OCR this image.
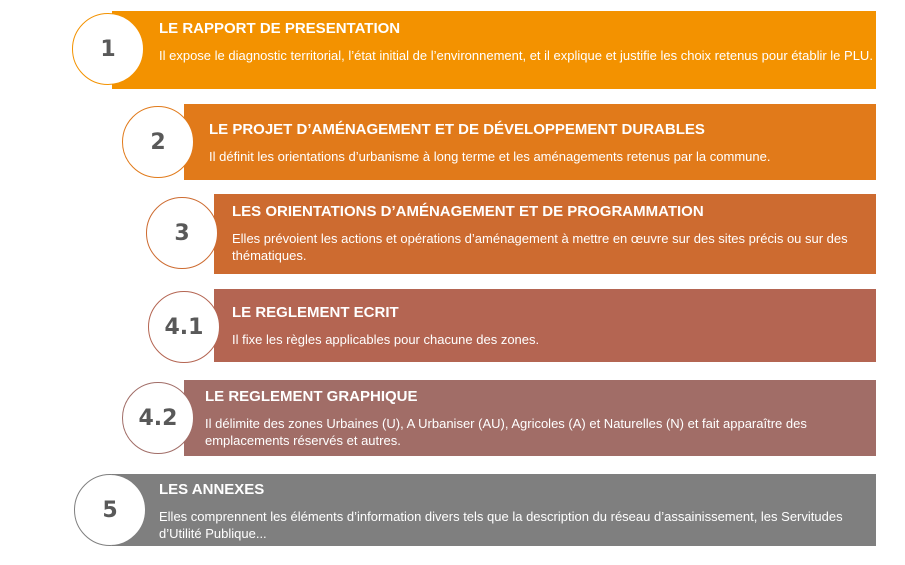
LE RAPPORT DE PRESENTATION
Il expose le diagnostic territorial, l’état initial de l’environnement, et il explique et justifie les choix retenus pour établir le PLU.
1
LE PROJET D’AMÉNAGEMENT ET DE DÉVELOPPEMENT DURABLES
Il définit les orientations d’urbanisme à long terme et les aménagements retenus par la commune.
2
LES ORIENTATIONS D’AMÉNAGEMENT ET DE PROGRAMMATION
Elles prévoient les actions et opérations d’aménagement à mettre en œuvre sur des sites précis ou sur des thématiques.
3
LE REGLEMENT ECRIT
Il fixe les règles applicables pour chacune des zones.
4.1
LE REGLEMENT GRAPHIQUE
Il délimite des zones Urbaines (U), A Urbaniser (AU), Agricoles (A) et Naturelles (N) et fait apparaître des emplacements réservés et autres.
4.2
LES ANNEXES
Elles comprennent les éléments d’information divers tels que la description du réseau d’assainissement, les Servitudes d’Utilité Publique...
5
